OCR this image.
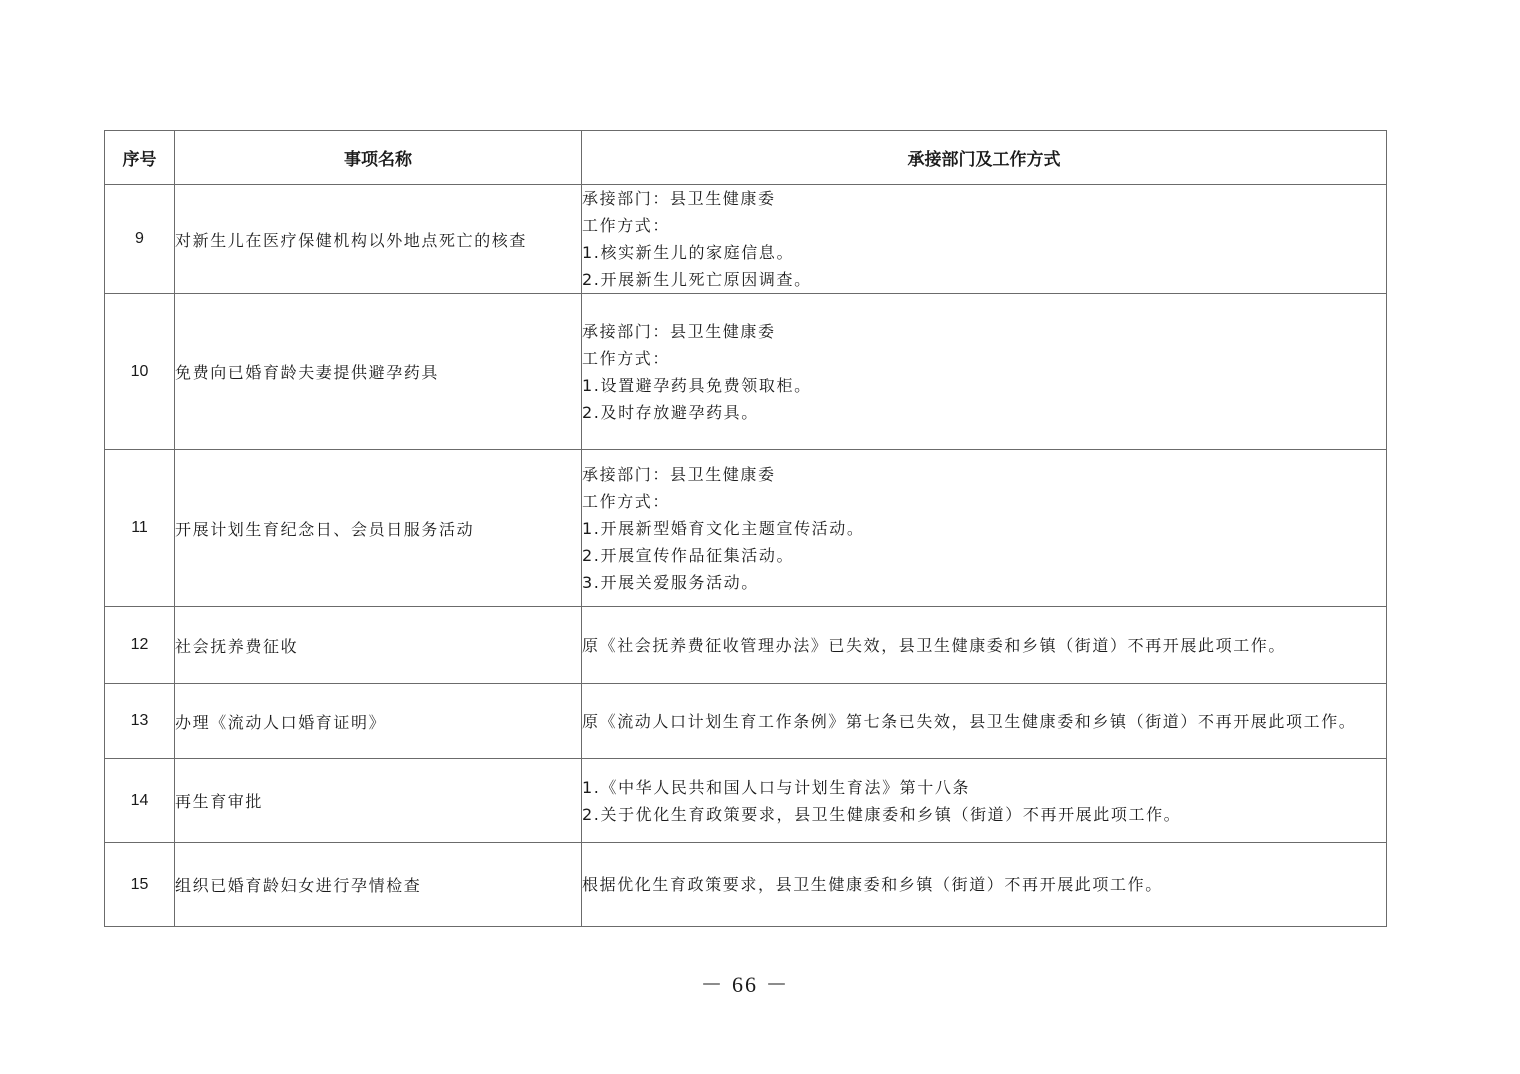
序号	事项名称	承接部门及工作方式
9	对新生儿在医疗保健机构以外地点死亡的核查	承接部门：县卫生健康委
工作方式：
1.核实新生儿的家庭信息。
2.开展新生儿死亡原因调查。

10	免费向已婚育龄夫妻提供避孕药具	承接部门：县卫生健康委
工作方式：
1.设置避孕药具免费领取柜。
2.及时存放避孕药具。

11	开展计划生育纪念日、会员日服务活动	承接部门：县卫生健康委
工作方式：
1.开展新型婚育文化主题宣传活动。
2.开展宣传作品征集活动。
3.开展关爱服务活动。

12	社会抚养费征收	原《社会抚养费征收管理办法》已失效，县卫生健康委和乡镇（街道）不再开展此项工作。

13	办理《流动人口婚育证明》	原《流动人口计划生育工作条例》第七条已失效，县卫生健康委和乡镇（街道）不再开展此项工作。

14	再生育审批	1.《中华人民共和国人口与计划生育法》第十八条
2.关于优化生育政策要求，县卫生健康委和乡镇（街道）不再开展此项工作。

15	组织已婚育龄妇女进行孕情检查	根据优化生育政策要求，县卫生健康委和乡镇（街道）不再开展此项工作。
－ 66 －
